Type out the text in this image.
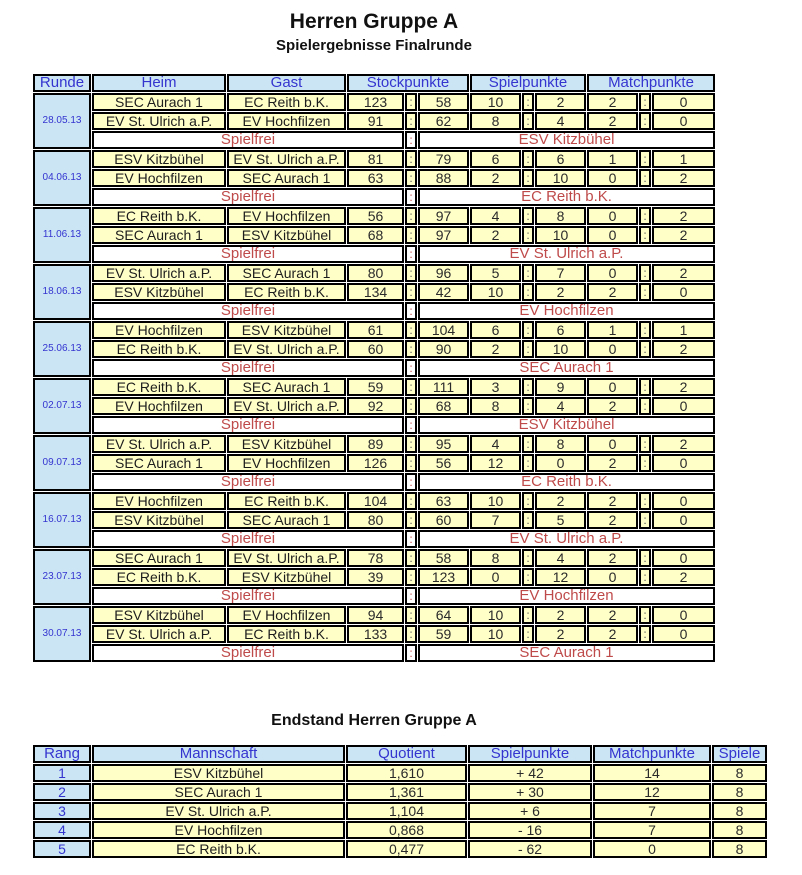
Herren Gruppe A
Spielergebnisse Finalrunde
Runde	Heim	Gast	Stockpunkte			Spielpunkte			Matchpunkte		
28.05.13	SEC Aurach 1	EC Reith b.K.	123	:	58	10	:	2	2	:	0
	EV St. Ulrich a.P.	EV Hochfilzen	91	:	62	8	:	4	2	:	0
	Spielfrei			:	ESV Kitzbühel						
04.06.13	ESV Kitzbühel	EV St. Ulrich a.P.	81	:	79	6	:	6	1	:	1
	EV Hochfilzen	SEC Aurach 1	63	:	88	2	:	10	0	:	2
	Spielfrei			:	EC Reith b.K.						
11.06.13	EC Reith b.K.	EV Hochfilzen	56	:	97	4	:	8	0	:	2
	SEC Aurach 1	ESV Kitzbühel	68	:	97	2	:	10	0	:	2
	Spielfrei			:	EV St. Ulrich a.P.						
18.06.13	EV St. Ulrich a.P.	SEC Aurach 1	80	:	96	5	:	7	0	:	2
	ESV Kitzbühel	EC Reith b.K.	134	:	42	10	:	2	2	:	0
	Spielfrei			:	EV Hochfilzen						
25.06.13	EV Hochfilzen	ESV Kitzbühel	61	:	104	6	:	6	1	:	1
	EC Reith b.K.	EV St. Ulrich a.P.	60	:	90	2	:	10	0	:	2
	Spielfrei			:	SEC Aurach 1						
02.07.13	EC Reith b.K.	SEC Aurach 1	59	:	111	3	:	9	0	:	2
	EV Hochfilzen	EV St. Ulrich a.P.	92	:	68	8	:	4	2	:	0
	Spielfrei			:	ESV Kitzbühel						
09.07.13	EV St. Ulrich a.P.	ESV Kitzbühel	89	:	95	4	:	8	0	:	2
	SEC Aurach 1	EV Hochfilzen	126	:	56	12	:	0	2	:	0
	Spielfrei			:	EC Reith b.K.						
16.07.13	EV Hochfilzen	EC Reith b.K.	104	:	63	10	:	2	2	:	0
	ESV Kitzbühel	SEC Aurach 1	80	:	60	7	:	5	2	:	0
	Spielfrei			:	EV St. Ulrich a.P.						
23.07.13	SEC Aurach 1	EV St. Ulrich a.P.	78	:	58	8	:	4	2	:	0
	EC Reith b.K.	ESV Kitzbühel	39	:	123	0	:	12	0	:	2
	Spielfrei			:	EV Hochfilzen						
30.07.13	ESV Kitzbühel	EV Hochfilzen	94	:	64	10	:	2	2	:	0
	EV St. Ulrich a.P.	EC Reith b.K.	133	:	59	10	:	2	2	:	0
	Spielfrei			:	SEC Aurach 1						
Endstand Herren Gruppe A
Rang	Mannschaft	Quotient	Spielpunkte	Matchpunkte	Spiele
1	ESV Kitzbühel	1,610	+ 42	14	8
2	SEC Aurach 1	1,361	+ 30	12	8
3	EV St. Ulrich a.P.	1,104	+ 6	7	8
4	EV Hochfilzen	0,868	- 16	7	8
5	EC Reith b.K.	0,477	- 62	0	8
